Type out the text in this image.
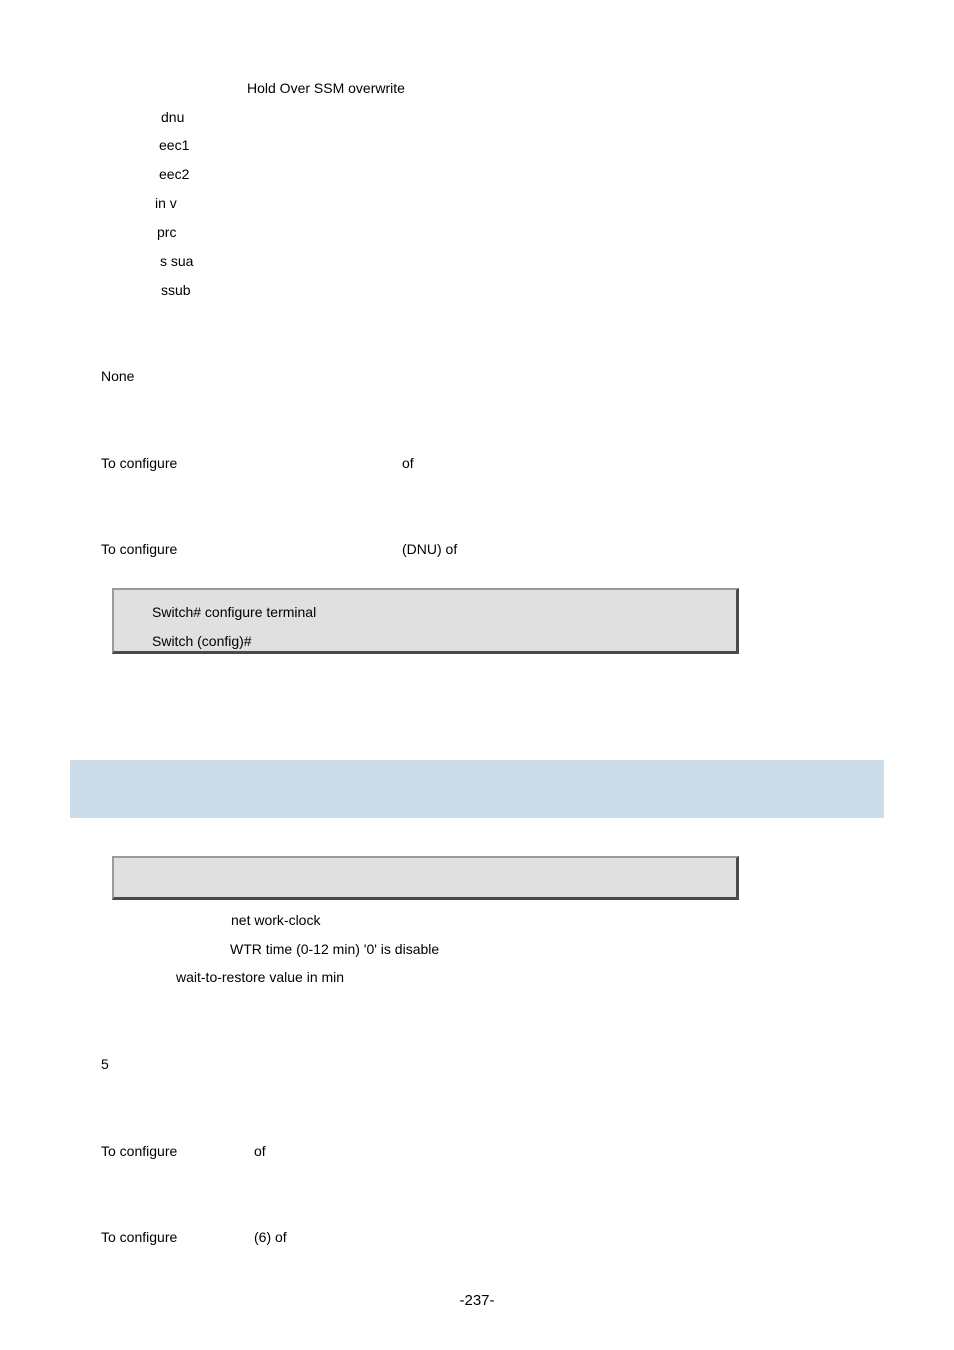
Hold Over SSM overwrite
dnu
eec1
eec2
in v
prc
s sua
ssub
None
To configure	of
To configure	(DNU) of
Switch# configure terminal
Switch (config)#
net work-clock
WTR time (0-12 min) '0' is disable
wait-to-restore value in min
5
To configure	of
To configure	(6) of
-237-
